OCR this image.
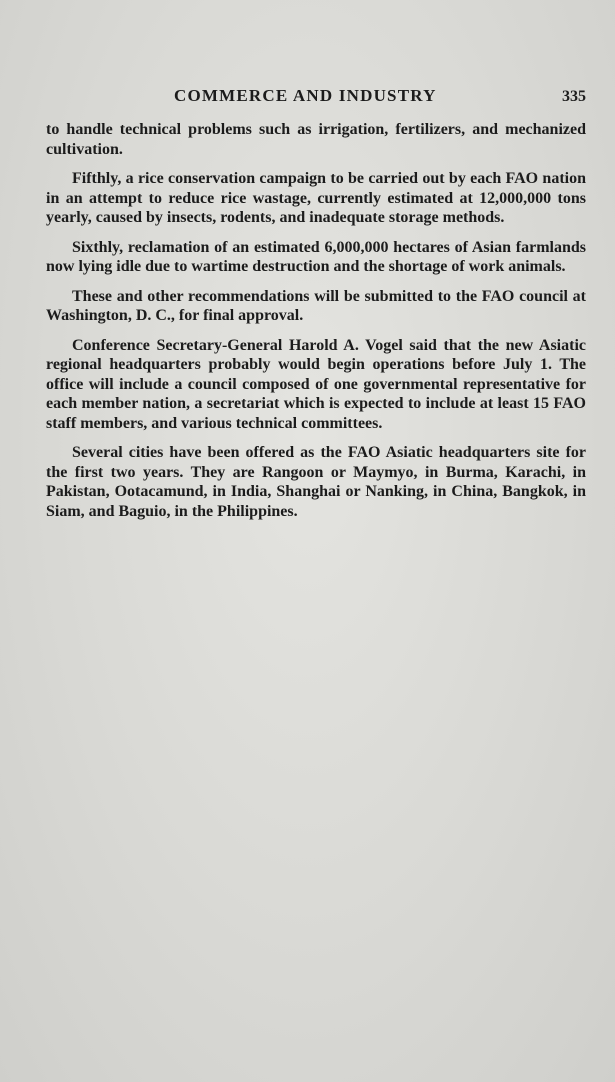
COMMERCE AND INDUSTRY	335

to handle technical problems such as irrigation, fertilizers, and mechanized cultivation.

Fifthly, a rice conservation campaign to be carried out by each FAO nation in an attempt to reduce rice wastage, currently estimated at 12,000,000 tons yearly, caused by insects, rodents, and inadequate storage methods.

Sixthly, reclamation of an estimated 6,000,000 hectares of Asian farmlands now lying idle due to wartime destruction and the shortage of work animals.

These and other recommendations will be submitted to the FAO council at Washington, D. C., for final approval.

Conference Secretary-General Harold A. Vogel said that the new Asiatic regional headquarters probably would begin operations before July 1. The office will include a council composed of one governmental representative for each member nation, a secretariat which is expected to include at least 15 FAO staff members, and various technical committees.

Several cities have been offered as the FAO Asiatic headquarters site for the first two years. They are Rangoon or Maymyo, in Burma, Karachi, in Pakistan, Ootacamund, in India, Shanghai or Nanking, in China, Bangkok, in Siam, and Baguio, in the Philippines.
